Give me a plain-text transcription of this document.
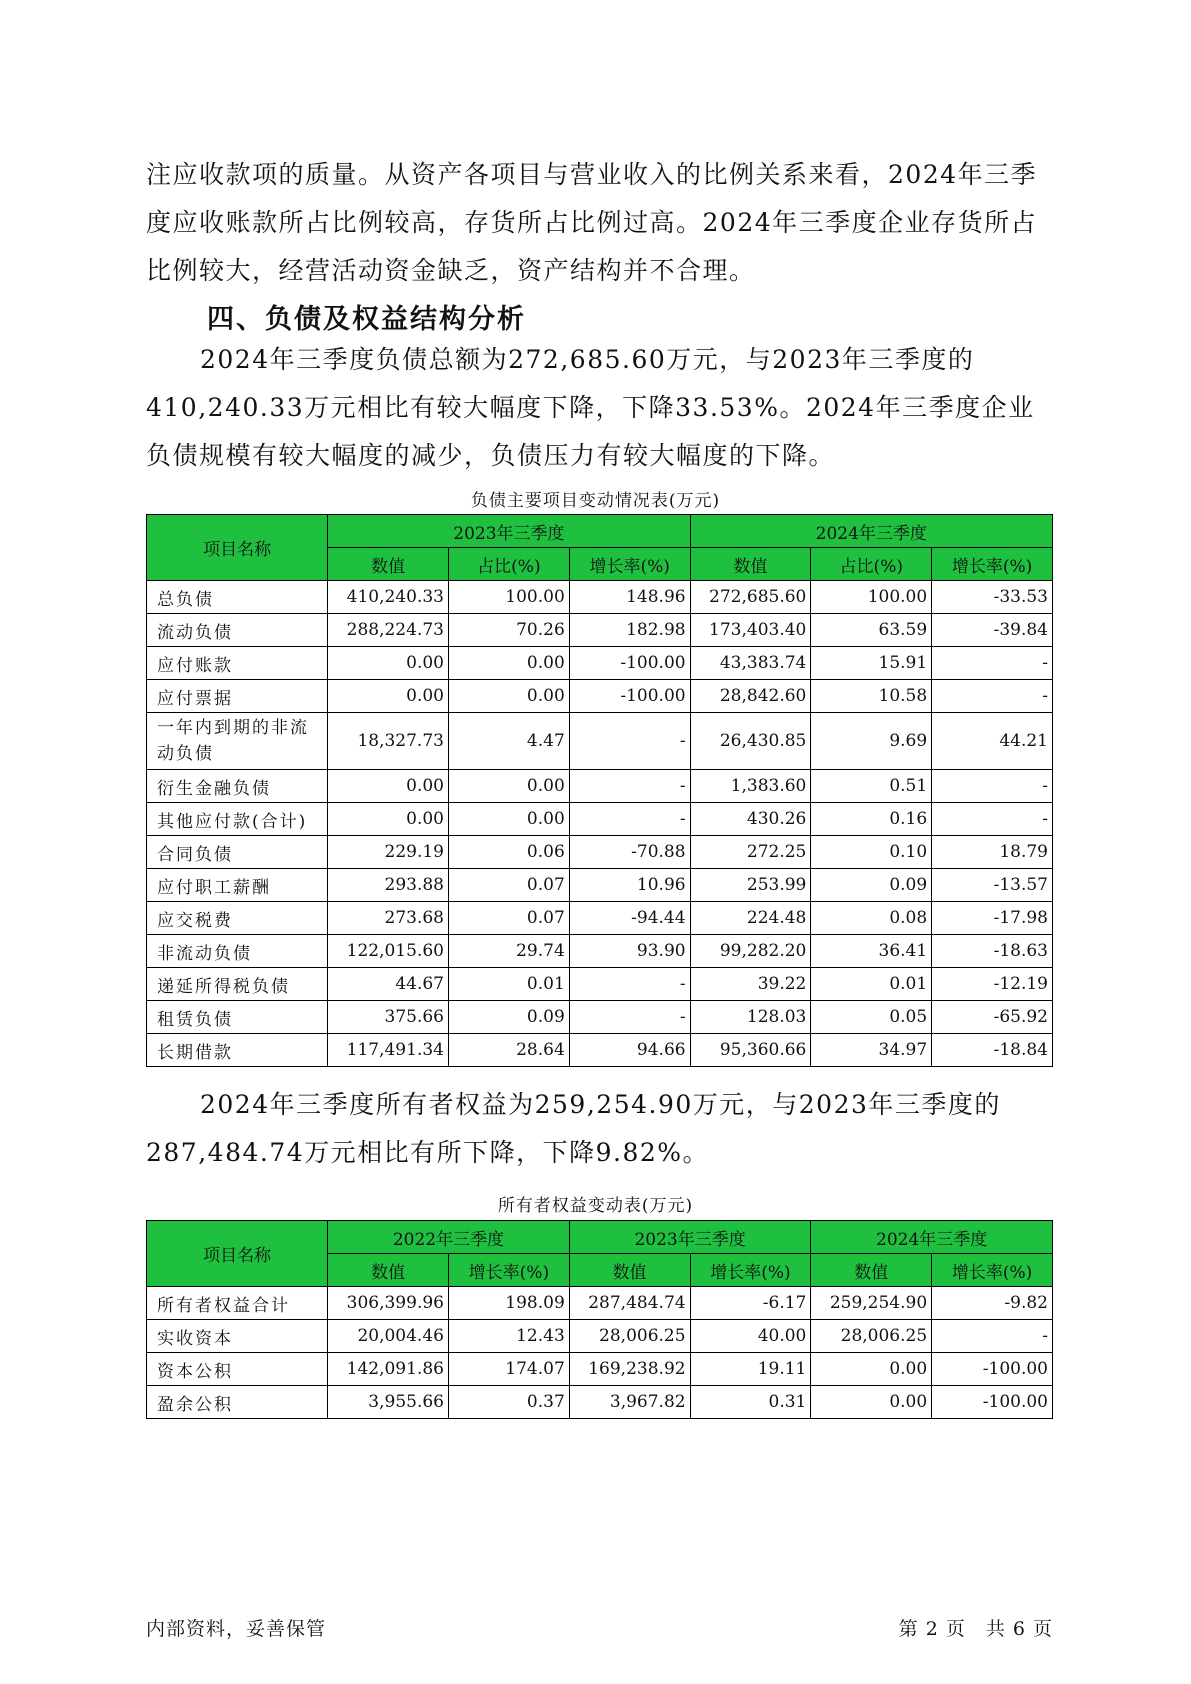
注应收款项的质量。从资产各项目与营业收入的比例关系来看，2024年三季度应收账款所占比例较高，存货所占比例过高。2024年三季度企业存货所占比例较大，经营活动资金缺乏，资产结构并不合理。

四、负债及权益结构分析

2024年三季度负债总额为272,685.60万元，与2023年三季度的410,240.33万元相比有较大幅度下降，下降33.53%。2024年三季度企业负债规模有较大幅度的减少，负债压力有较大幅度的下降。

负债主要项目变动情况表(万元)
项目名称	2023年三季度			2024年三季度		
	数值	占比(%)	增长率(%)	数值	占比(%)	增长率(%)
总负债	410,240.33	100.00	148.96	272,685.60	100.00	-33.53
流动负债	288,224.73	70.26	182.98	173,403.40	63.59	-39.84
应付账款	0.00	0.00	-100.00	43,383.74	15.91	-
应付票据	0.00	0.00	-100.00	28,842.60	10.58	-
一年内到期的非流动负债	18,327.73	4.47	-	26,430.85	9.69	44.21
衍生金融负债	0.00	0.00	-	1,383.60	0.51	-
其他应付款(合计)	0.00	0.00	-	430.26	0.16	-
合同负债	229.19	0.06	-70.88	272.25	0.10	18.79
应付职工薪酬	293.88	0.07	10.96	253.99	0.09	-13.57
应交税费	273.68	0.07	-94.44	224.48	0.08	-17.98
非流动负债	122,015.60	29.74	93.90	99,282.20	36.41	-18.63
递延所得税负债	44.67	0.01	-	39.22	0.01	-12.19
租赁负债	375.66	0.09	-	128.03	0.05	-65.92
长期借款	117,491.34	28.64	94.66	95,360.66	34.97	-18.84

2024年三季度所有者权益为259,254.90万元，与2023年三季度的287,484.74万元相比有所下降，下降9.82%。

所有者权益变动表(万元)
项目名称	2022年三季度		2023年三季度		2024年三季度	
	数值	增长率(%)	数值	增长率(%)	数值	增长率(%)
所有者权益合计	306,399.96	198.09	287,484.74	-6.17	259,254.90	-9.82
实收资本	20,004.46	12.43	28,006.25	40.00	28,006.25	-
资本公积	142,091.86	174.07	169,238.92	19.11	0.00	-100.00
盈余公积	3,955.66	0.37	3,967.82	0.31	0.00	-100.00
内部资料，妥善保管	第 2 页　共 6 页
